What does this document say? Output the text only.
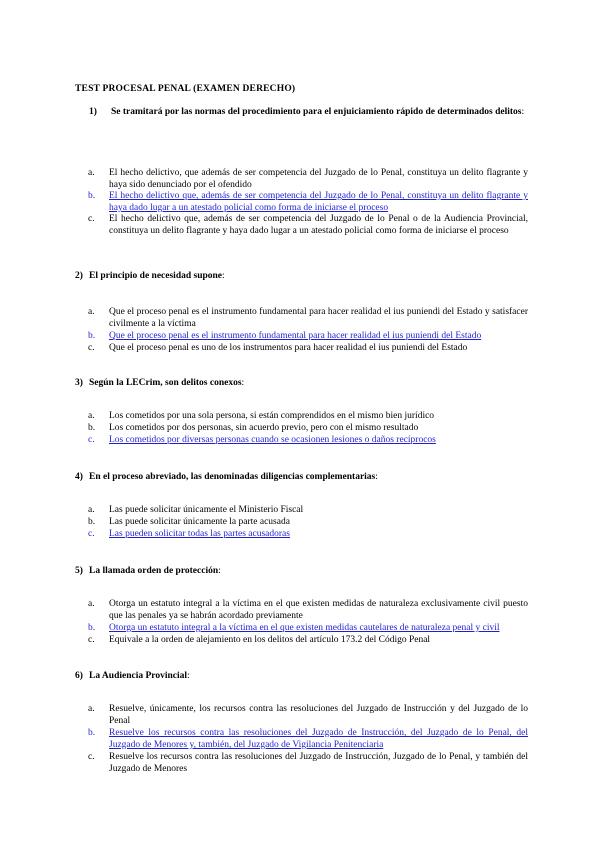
TEST PROCESAL PENAL (EXAMEN DERECHO)
1) Se tramitará por las normas del procedimiento para el enjuiciamiento rápido de determinados delitos:
a. El hecho delictivo, que además de ser competencia del Juzgado de lo Penal, constituya un delito flagrante y haya sido denunciado por el ofendido
b. El hecho delictivo que, además de ser competencia del Juzgado de lo Penal, constituya un delito flagrante y haya dado lugar a un atestado policial como forma de iniciarse el proceso
c. El hecho delictivo que, además de ser competencia del Juzgado de lo Penal o de la Audiencia Provincial, constituya un delito flagrante y haya dado lugar a un atestado policial como forma de iniciarse el proceso
2) El principio de necesidad supone:
a. Que el proceso penal es el instrumento fundamental para hacer realidad el ius puniendi del Estado y satisfacer civilmente a la víctima
b. Que el proceso penal es el instrumento fundamental para hacer realidad el ius puniendi del Estado
c. Que el proceso penal es uno de los instrumentos para hacer realidad el ius puniendi del Estado
3) Según la LECrim, son delitos conexos:
a. Los cometidos por una sola persona, si están comprendidos en el mismo bien jurídico
b. Los cometidos por dos personas, sin acuerdo previo, pero con el mismo resultado
c. Los cometidos por diversas personas cuando se ocasionen lesiones o daños recíprocos
4) En el proceso abreviado, las denominadas diligencias complementarias:
a. Las puede solicitar únicamente el Ministerio Fiscal
b. Las puede solicitar únicamente la parte acusada
c. Las pueden solicitar todas las partes acusadoras
5) La llamada orden de protección:
a. Otorga un estatuto integral a la víctima en el que existen medidas de naturaleza exclusivamente civil puesto que las penales ya se habrán acordado previamente
b. Otorga un estatuto integral a la víctima en el que existen medidas cautelares de naturaleza penal y civil
c. Equivale a la orden de alejamiento en los delitos del artículo 173.2 del Código Penal
6) La Audiencia Provincial:
a. Resuelve, únicamente, los recursos contra las resoluciones del Juzgado de Instrucción y del Juzgado de lo Penal
b. Resuelve los recursos contra las resoluciones del Juzgado de Instrucción, del Juzgado de lo Penal, del Juzgado de Menores y, también, del Juzgado de Vigilancia Penitenciaria
c. Resuelve los recursos contra las resoluciones del Juzgado de Instrucción, Juzgado de lo Penal, y también del Juzgado de Menores
